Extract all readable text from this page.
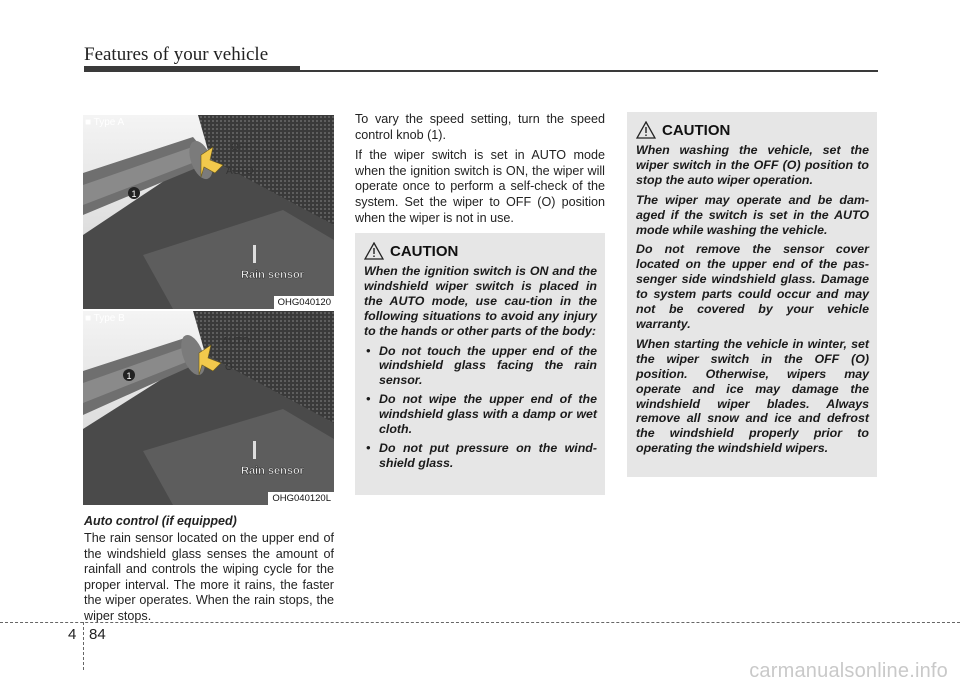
Features of your vehicle
■ Type A
1
OFF
AUTO
Rain sensor
OHG040120
■ Type B
1
AUTO
O
Rain sensor
OHG040120L
Auto control (if equipped)

The rain sensor located on the upper end of the windshield glass senses the amount of rainfall and controls the wiping cycle for the proper interval. The more it rains, the faster the wiper operates. When the rain stops, the wiper stops.

To vary the speed setting, turn the speed control knob (1).

If the wiper switch is set in AUTO mode when the ignition switch is ON, the wiper will operate once to perform a self-check of the system. Set the wiper to OFF (O) position when the wiper is not in use.

CAUTION

When the ignition switch is ON and the windshield wiper switch is placed in the AUTO mode, use cau-tion in the following situations to avoid any injury to the hands or other parts of the body:

• Do not touch the upper end of the windshield glass facing the rain sensor.
• Do not wipe the upper end of the windshield glass with a damp or wet cloth.
• Do not put pressure on the wind-shield glass.
CAUTION

When washing the vehicle, set the wiper switch in the OFF (O) position to stop the auto wiper operation.

The wiper may operate and be dam-aged if the switch is set in the AUTO mode while washing the vehicle.

Do not remove the sensor cover located on the upper end of the pas-senger side windshield glass. Damage to system parts could occur and may not be covered by your vehicle warranty.

When starting the vehicle in winter, set the wiper switch in the OFF (O) position. Otherwise, wipers may operate and ice may damage the windshield wiper blades. Always remove all snow and ice and defrost the windshield properly prior to operating the windshield wipers.

4 84
carmanualsonline.info
